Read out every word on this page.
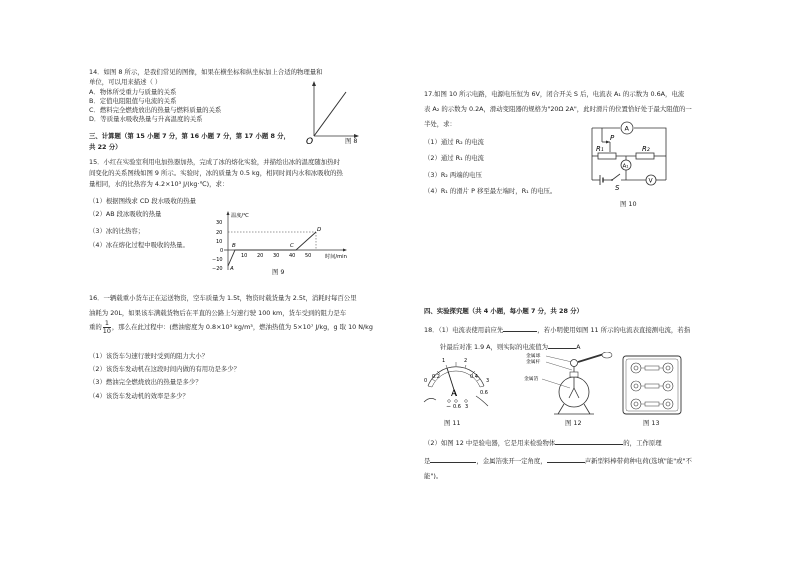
14．如图 8 所示，是我们常见的图像，如果在横坐标和纵坐标加上合适的物理量和
单位，可以用来描述（ ）
A．物体所受重力与质量的关系
B．定值电阻阻值与电流的关系
C．燃料完全燃烧放出的热量与燃料质量的关系
D．等质量水吸收热量与升高温度的关系
O	图 8
三、计算题（第 15 小题 7 分，第 16 小题 7 分，第 17 小题 8 分，
共 22 分）
15．小红在实验室利用电加热器加热，完成了冰的熔化实验，并描绘出冰的温度随加热时
间变化的关系图线如图 9 所示。实验时，冰的质量为 0.5 kg，相同时间内水和冰吸收的热
量相同，水的比热容为 4.2×10³ J/(kg·℃)，求：
（1）根据图线求 CD 段水吸收的热量
（2）AB 段冰吸收的热量
（3）冰的比热容；
（4）冰在熔化过程中吸收的热量。
温度/℃
时间/min
30
20
10
0
−10
−20
10 20 30 40 50
A
B	C
D
图 9
16．一辆载重小货车正在运送物资，空车质量为 1.5t，物资时载货量为 2.5t，消耗时每百公里
油耗为 20L，如果该车满载货物后在平直的公路上匀速行驶 100 km，货车受到的阻力是车
重的 $\frac{1}{10}$ ，那么在此过程中：(燃油密度为 0.8×10³ kg/m³，燃油热值为 5×10⁷ J/kg，g 取 10 N/kg
（1）该货车匀速行驶时受到的阻力大小？
（2）该货车发动机在这段时间内做的有用功是多少？
（3）燃油完全燃烧放出的热量是多少？
（4）该货车发动机的效率是多少？
17.如图 10 所示电路，电源电压恒为 6V，闭合开关 S 后，电流表 A₁ 的示数为 0.6A，电流
表 A₂ 的示数为 0.2A，滑动变阻器的规格为"20Ω 2A"，此时滑片的位置恰好处于最大阻值的一
半处，求：
（1）通过 R₂ 的电流
（2）通过 R₁ 的电流
（3）R₂ 两端的电压
（4）R₁ 的滑片 P 移至最左端时，R₁ 的电压。
A
P
R₁	R₂
A₁
S
V
图 10
四、实验探究题（共 4 小题，每小题 7 分，共 28 分）
18．（1）电流表使用前应先	，若小明使用如图 11 所示的电流表直接测电流，若指
针最后对准 1.9 A，则实际的电流值为	A
0
0.2	0.4
0.6
1	2
3
A
− 0.6 3
图 11
金属球
金属杆
金属箔
图 12	图 13
（2）如图 12 中是验电器，它是用来检验物体	的，工作原理
是	，金属箔张开一定角度，	声新型料棒带荷种电荷(选填"能"或"不
能")。
